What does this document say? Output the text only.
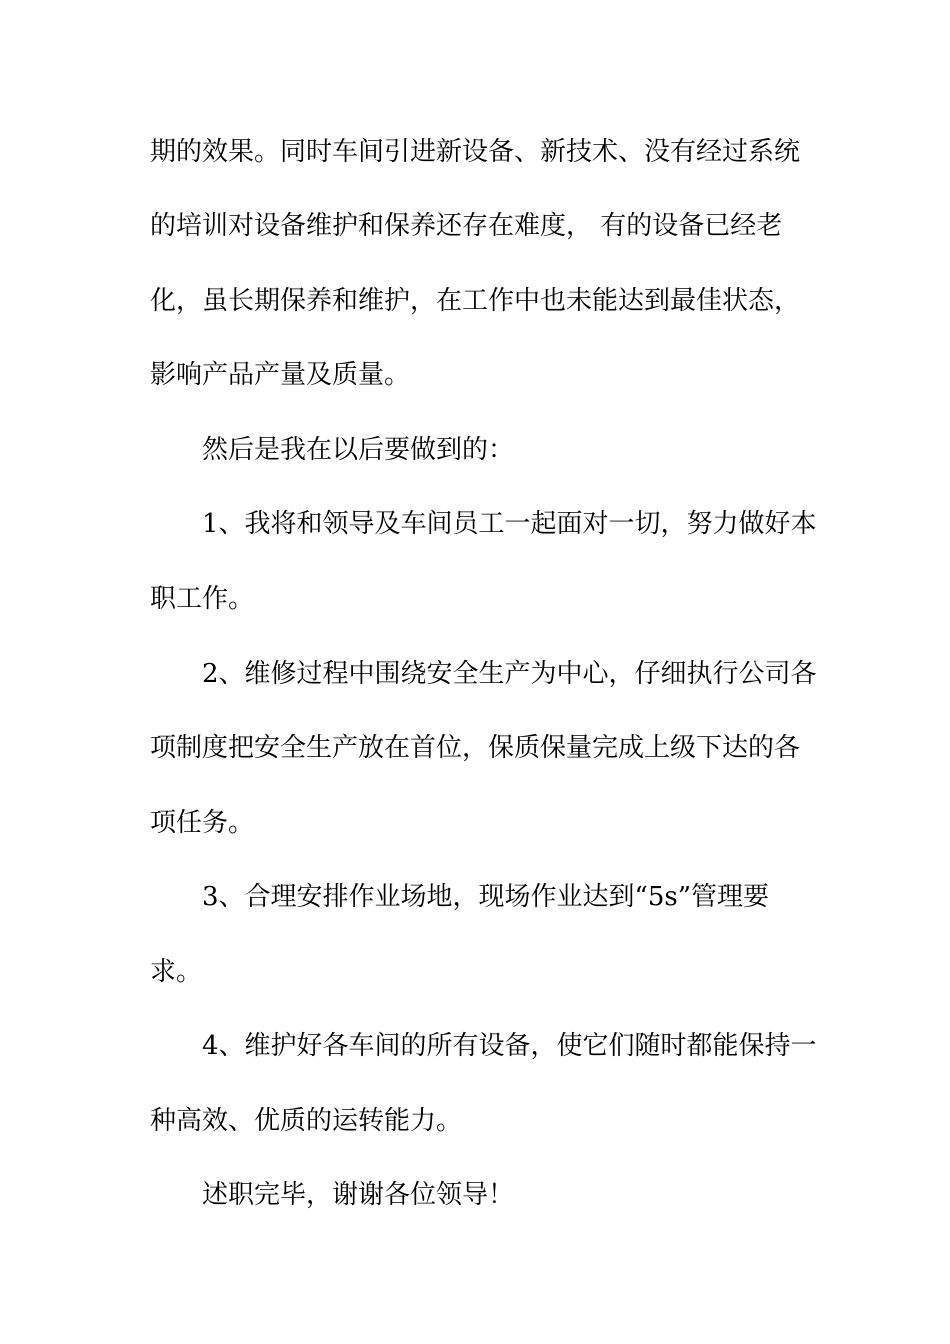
期的效果。同时车间引进新设备、新技术、没有经过系统

的培训对设备维护和保养还存在难度， 有的设备已经老

化，虽长期保养和维护，在工作中也未能达到最佳状态，

影响产品产量及质量。

然后是我在以后要做到的：

1、我将和领导及车间员工一起面对一切，努力做好本

职工作。

2、维修过程中围绕安全生产为中心，仔细执行公司各

项制度把安全生产放在首位，保质保量完成上级下达的各

项任务。

3、合理安排作业场地，现场作业达到“5s”管理要

求。

4、维护好各车间的所有设备，使它们随时都能保持一

种高效、优质的运转能力。

述职完毕，谢谢各位领导！
